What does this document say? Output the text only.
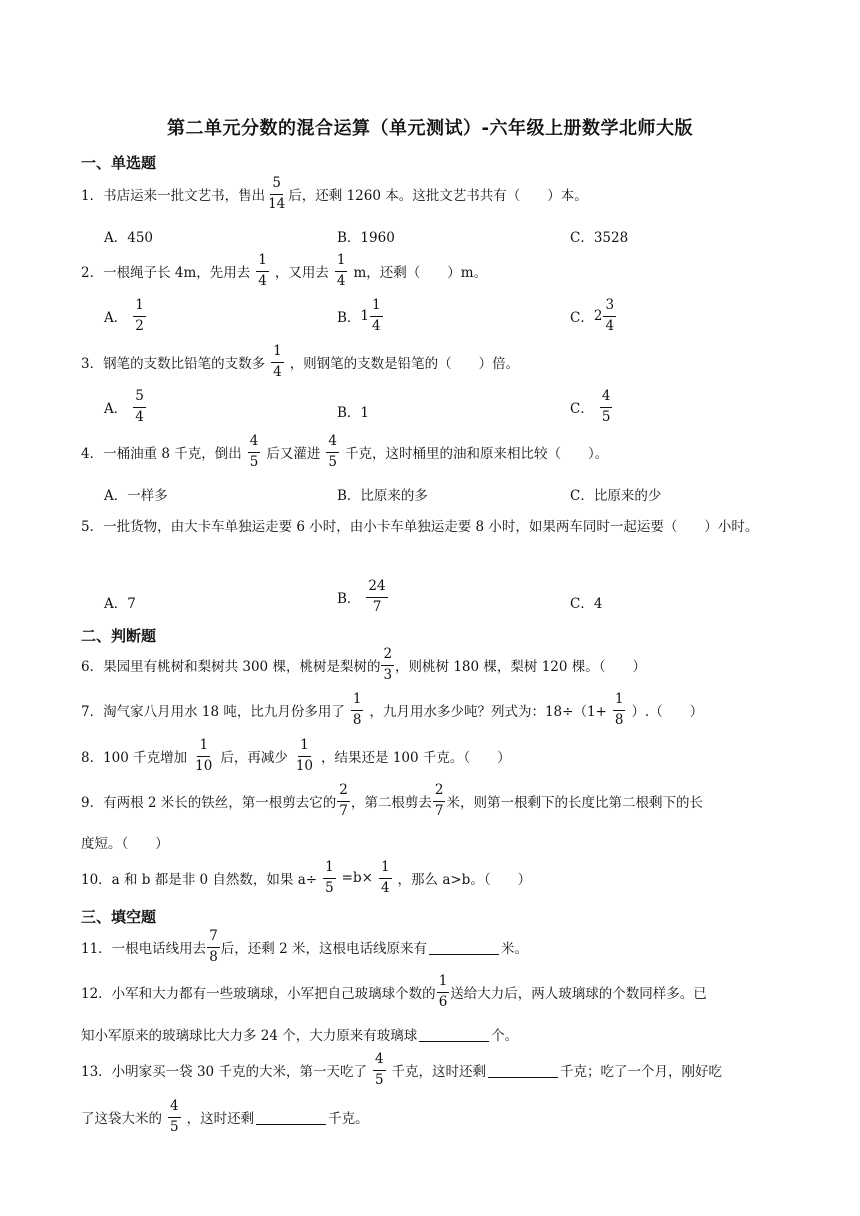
第二单元分数的混合运算（单元测试）-六年级上册数学北师大版
一、单选题
1．书店运来一批文艺书，售出 $\frac{5}{14}$ 后，还剩 1260 本。这批文艺书共有（　　）本。
A．450	B．1960	C．3528
2．一根绳子长 4m，先用去 $\frac{1}{4}$ ，又用去 $\frac{1}{4}$ m，还剩（　　）m。
A． $\frac{1}{2}$	B． $1 \frac{1}{4}$	C． $2 \frac{3}{4}$
3．钢笔的支数比铅笔的支数多 $\frac{1}{4}$ ，则钢笔的支数是铅笔的（　　）倍。
A． $\frac{5}{4}$	B．1	C． $\frac{4}{5}$
4．一桶油重 8 千克，倒出 $\frac{4}{5}$ 后又灌进 $\frac{4}{5}$ 千克，这时桶里的油和原来相比较（　　）。
A．一样多	B．比原来的多	C．比原来的少
5．一批货物，由大卡车单独运走要 6 小时，由小卡车单独运走要 8 小时，如果两车同时一起运要（　　）小时。
A．7	B． $\frac{24}{7}$	C．4
二、判断题
6．果园里有桃树和梨树共 300 棵，桃树是梨树的 $\frac{2}{3}$ ，则桃树 180 棵，梨树 120 棵。（　　）
7．淘气家八月用水 18 吨，比九月份多用了 $\frac{1}{8}$ ，九月用水多少吨？列式为：$18\div(1+ \frac{1}{8}$ ）.（　　）
8．100 千克增加 $\frac{1}{10}$ 后，再减少 $\frac{1}{10}$ ，结果还是 100 千克。（　　）
9．有两根 2 米长的铁丝，第一根剪去它的 $\frac{2}{7}$ ，第二根剪去 $\frac{2}{7}$ 米，则第一根剩下的长度比第二根剩下的长
度短。（　　）
10．a 和 b 都是非 0 自然数，如果 $a\div \frac{1}{5} =b\times \frac{1}{4}$ ，那么 a>b。（　　）
三、填空题
11．一根电话线用去 $\frac{7}{8}$ 后，还剩 2 米，这根电话线原来有	米。
12．小军和大力都有一些玻璃球，小军把自己玻璃球个数的 $\frac{1}{6}$ 送给大力后，两人玻璃球的个数同样多。已
知小军原来的玻璃球比大力多 24 个，大力原来有玻璃球	个。
13．小明家买一袋 30 千克的大米，第一天吃了 $\frac{4}{5}$ 千克，这时还剩	千克；吃了一个月，刚好吃
了这袋大米的 $\frac{4}{5}$ ，这时还剩	千克。
